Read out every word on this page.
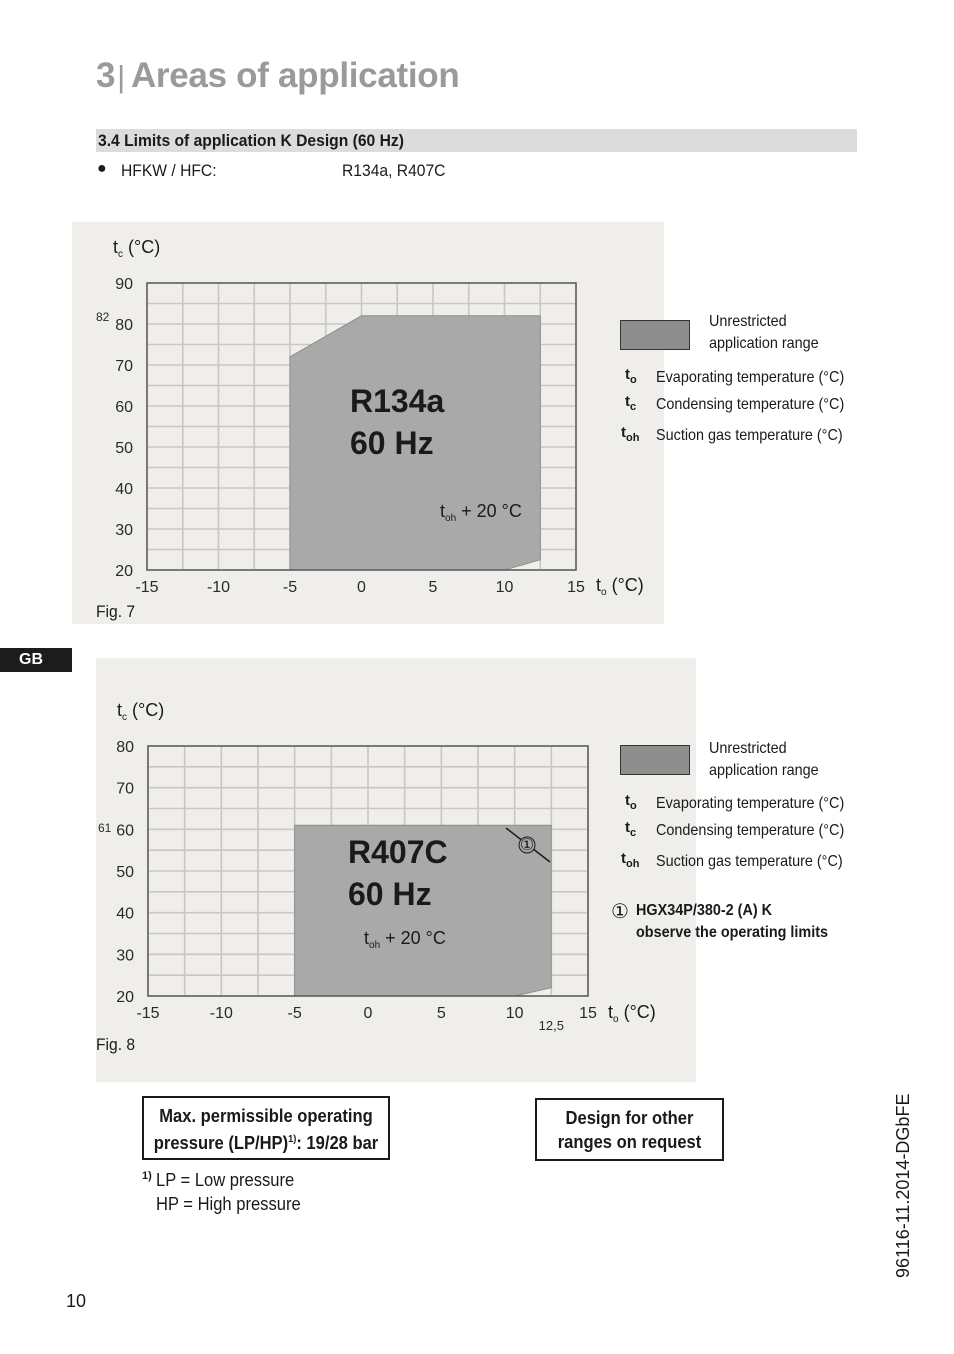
3| Areas of application
3.4 Limits of application K Design (60 Hz)
● HFKW / HFC:	R134a, R407C
-15	-10	-5	0	5	10	15
20
30
40
50
60
70
80
90
$t_c$ (°C)
$t_o$ (°C)
82
R134a
60 Hz
$t_{oh} + 20$ °C
Fig. 7
Unrestricted
application range
$t_o$ Evaporating temperature (°C)
$t_c$ Condensing temperature (°C)
$t_{oh}$ Suction gas temperature (°C)
GB
-15	-10	-5	0	5	10	15
20
30
40
50
60
70
80
$t_c$ (°C)
$t_o$ (°C)
61
12,5
R407C
60 Hz
$t_{oh} + 20$ °C
①
Fig. 8
Unrestricted
application range
$t_o$ Evaporating temperature (°C)
$t_c$ Condensing temperature (°C)
$t_{oh}$ Suction gas temperature (°C)
① HGX34P/380-2 (A) K
observe the operating limits
Max. permissible operating
pressure $(LP/HP)^{1)}$: 19/28 bar
Design for other
ranges on request
1) LP = Low pressure
HP = High pressure
10
96116-11.2014-DGbFE
